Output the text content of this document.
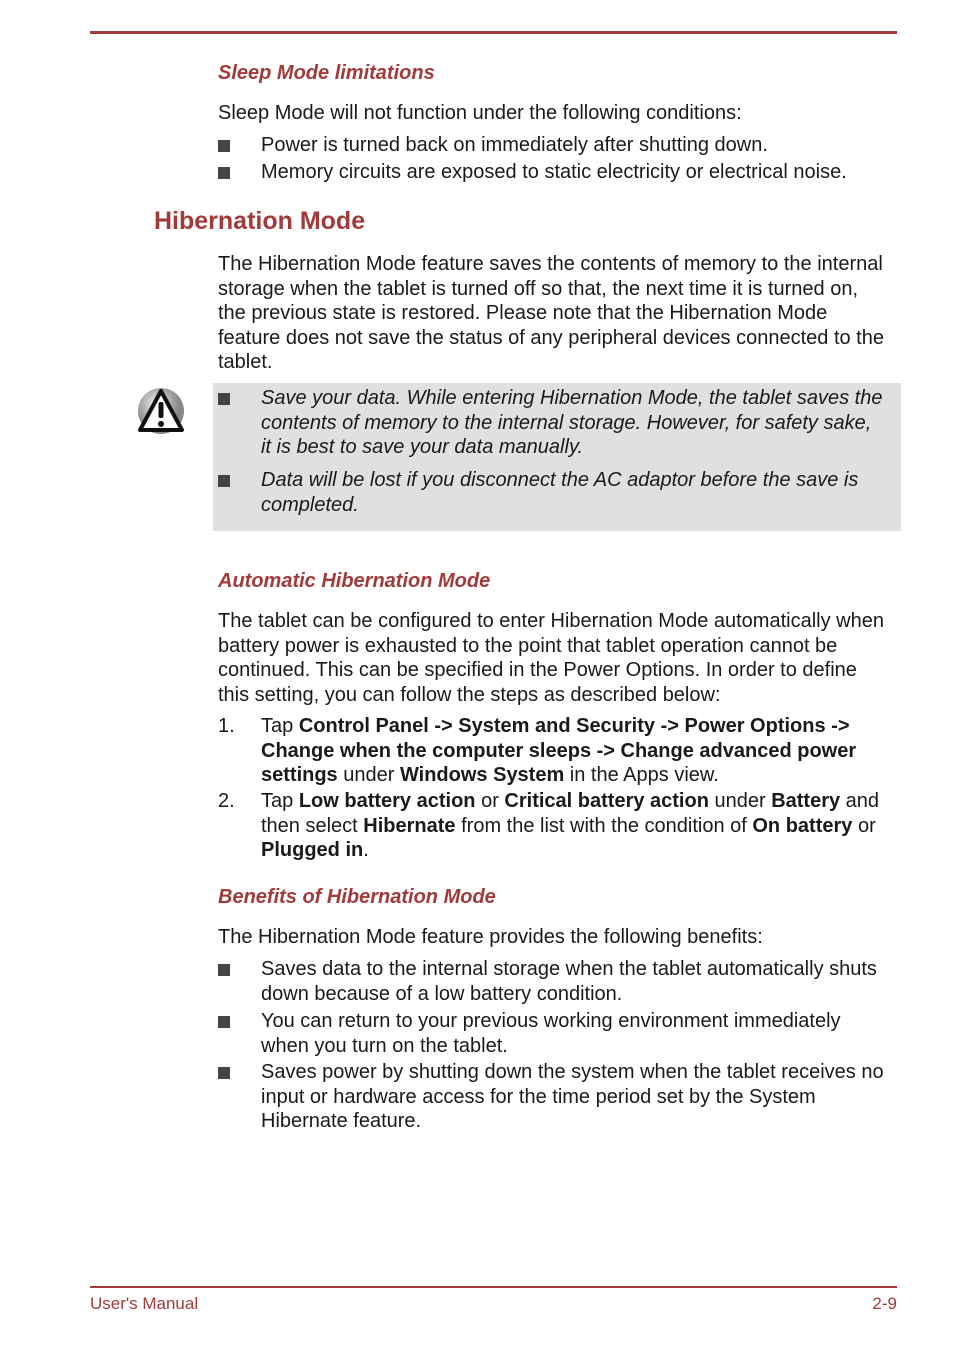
Sleep Mode limitations
Sleep Mode will not function under the following conditions:
Power is turned back on immediately after shutting down.
Memory circuits are exposed to static electricity or electrical noise.
Hibernation Mode
The Hibernation Mode feature saves the contents of memory to the internal
storage when the tablet is turned off so that, the next time it is turned on,
the previous state is restored. Please note that the Hibernation Mode
feature does not save the status of any peripheral devices connected to the
tablet.
Save your data. While entering Hibernation Mode, the tablet saves the
contents of memory to the internal storage. However, for safety sake,
it is best to save your data manually.
Data will be lost if you disconnect the AC adaptor before the save is
completed.
Automatic Hibernation Mode
The tablet can be configured to enter Hibernation Mode automatically when
battery power is exhausted to the point that tablet operation cannot be
continued. This can be specified in the Power Options. In order to define
this setting, you can follow the steps as described below:
1. Tap Control Panel -> System and Security -> Power Options ->
Change when the computer sleeps -> Change advanced power
settings under Windows System in the Apps view.
2. Tap Low battery action or Critical battery action under Battery and
then select Hibernate from the list with the condition of On battery or
Plugged in.
Benefits of Hibernation Mode
The Hibernation Mode feature provides the following benefits:
Saves data to the internal storage when the tablet automatically shuts
down because of a low battery condition.
You can return to your previous working environment immediately
when you turn on the tablet.
Saves power by shutting down the system when the tablet receives no
input or hardware access for the time period set by the System
Hibernate feature.
User's Manual	2-9
